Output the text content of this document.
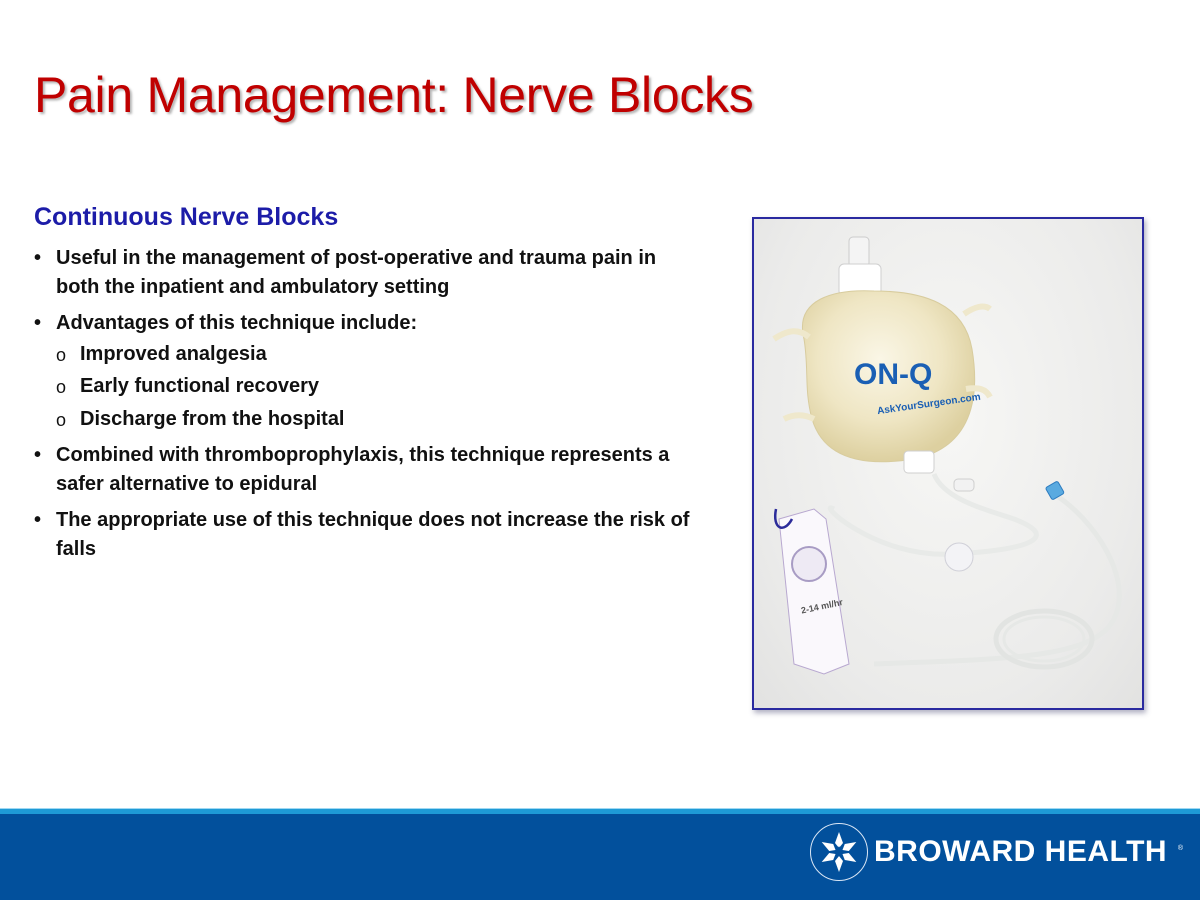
Pain Management: Nerve Blocks
Continuous Nerve Blocks
• Useful in the management of post-operative and trauma pain in both the inpatient and ambulatory setting
• Advantages of this technique include:
o Improved analgesia
o Early functional recovery
o Discharge from the hospital
• Combined with thromboprophylaxis, this technique represents a safer alternative to epidural
• The appropriate use of this technique does not increase the risk of falls
ON-Q
AskYourSurgeon.com
2-14 ml/hr
BROWARD HEALTH ®
